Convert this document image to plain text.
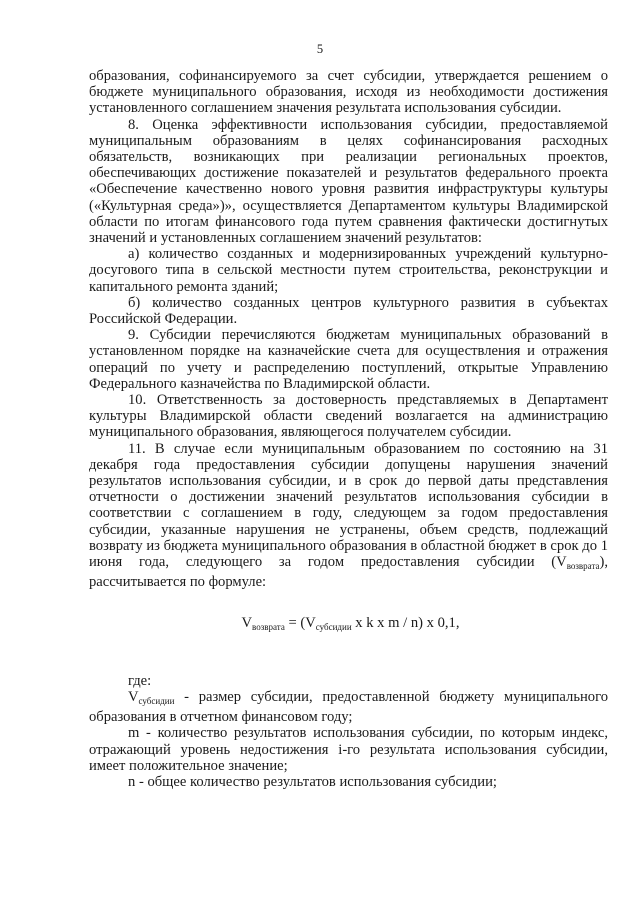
5

образования, софинансируемого за счет субсидии, утверждается решением о бюджете муниципального образования, исходя из необходимости достижения установленного соглашением значения результата использования субсидии.

8. Оценка эффективности использования субсидии, предоставляемой муниципальным образованиям в целях софинансирования расходных обязательств, возникающих при реализации региональных проектов, обеспечивающих достижение показателей и результатов федерального проекта «Обеспечение качественно нового уровня развития инфраструктуры культуры («Культурная среда»)», осуществляется Департаментом культуры Владимирской области по итогам финансового года путем сравнения фактически достигнутых значений и установленных соглашением значений результатов:

а) количество созданных и модернизированных учреждений культурно-досугового типа в сельской местности путем строительства, реконструкции и капитального ремонта зданий;

б) количество созданных центров культурного развития в субъектах Российской Федерации.

9. Субсидии перечисляются бюджетам муниципальных образований в установленном порядке на казначейские счета для осуществления и отражения операций по учету и распределению поступлений, открытые Управлению Федерального казначейства по Владимирской области.

10. Ответственность за достоверность представляемых в Департамент культуры Владимирской области сведений возлагается на администрацию муниципального образования, являющегося получателем субсидии.

11. В случае если муниципальным образованием по состоянию на 31 декабря года предоставления субсидии допущены нарушения значений результатов использования субсидии, и в срок до первой даты представления отчетности о достижении значений результатов использования субсидии в соответствии с соглашением в году, следующем за годом предоставления субсидии, указанные нарушения не устранены, объем средств, подлежащий возврату из бюджета муниципального образования в областной бюджет в срок до 1 июня года, следующего за годом предоставления субсидии $(V_{возврата})$, рассчитывается по формуле:

$V_{возврата} = (V_{субсидии}$ x k x m / n) x 0,1,

где:

$V_{субсидии}$ - размер субсидии, предоставленной бюджету муниципального образования в отчетном финансовом году;

m - количество результатов использования субсидии, по которым индекс, отражающий уровень недостижения i-го результата использования субсидии, имеет положительное значение;

n - общее количество результатов использования субсидии;
